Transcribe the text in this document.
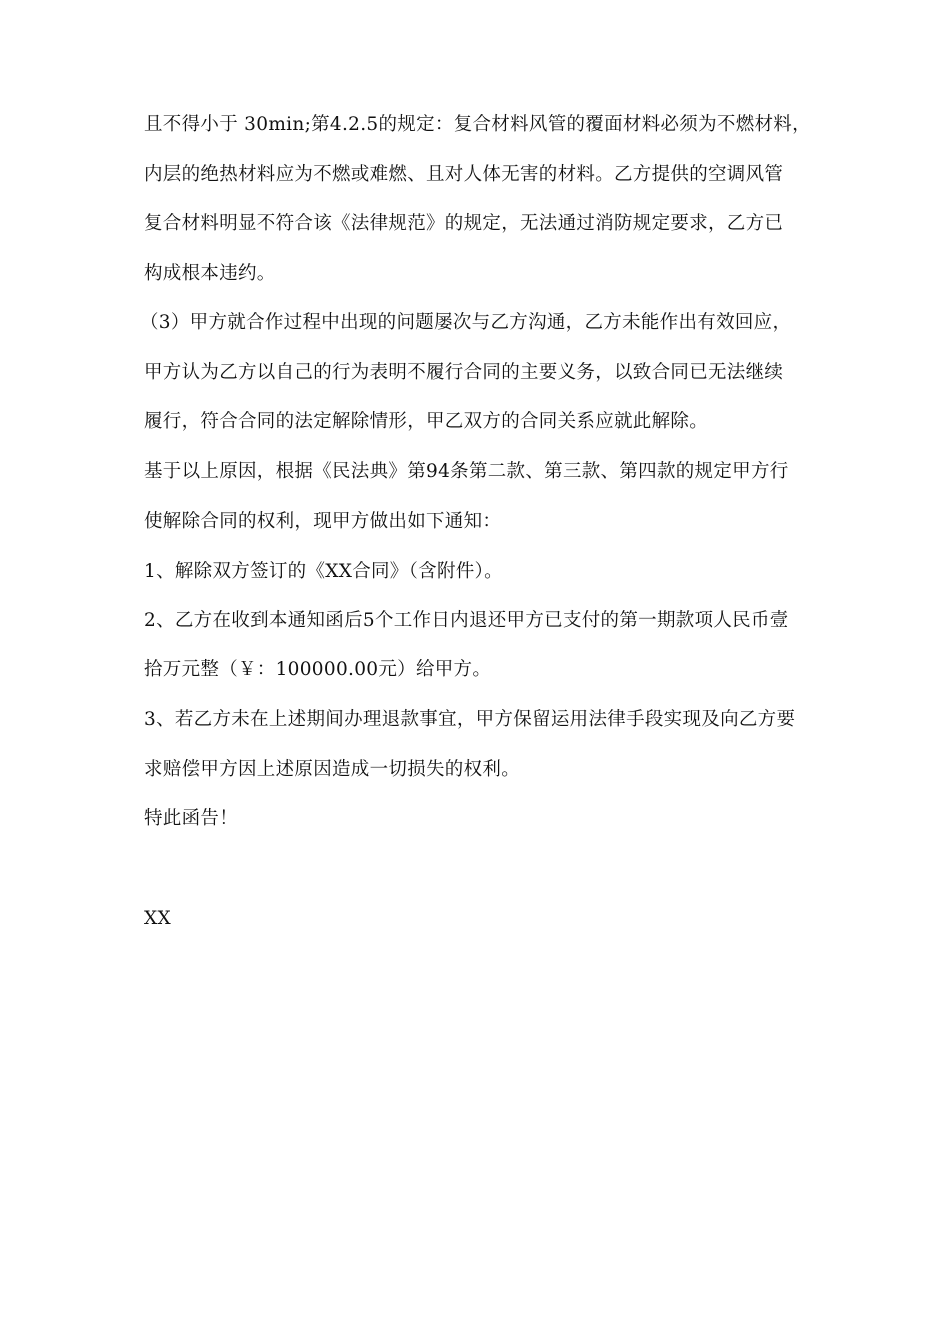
且不得小于 30min;第4.2.5的规定：复合材料风管的覆面材料必须为不燃材料，
内层的绝热材料应为不燃或难燃、且对人体无害的材料。乙方提供的空调风管
复合材料明显不符合该《法律规范》的规定，无法通过消防规定要求，乙方已
构成根本违约。
（3）甲方就合作过程中出现的问题屡次与乙方沟通，乙方未能作出有效回应，
甲方认为乙方以自己的行为表明不履行合同的主要义务，以致合同已无法继续
履行，符合合同的法定解除情形，甲乙双方的合同关系应就此解除。
基于以上原因，根据《民法典》第94条第二款、第三款、第四款的规定甲方行
使解除合同的权利，现甲方做出如下通知：
1、解除双方签订的《XX合同》（含附件）。
2、乙方在收到本通知函后5个工作日内退还甲方已支付的第一期款项人民币壹
拾万元整（￥：100000.00元）给甲方。
3、若乙方未在上述期间办理退款事宜，甲方保留运用法律手段实现及向乙方要
求赔偿甲方因上述原因造成一切损失的权利。
特此函告！
XX
